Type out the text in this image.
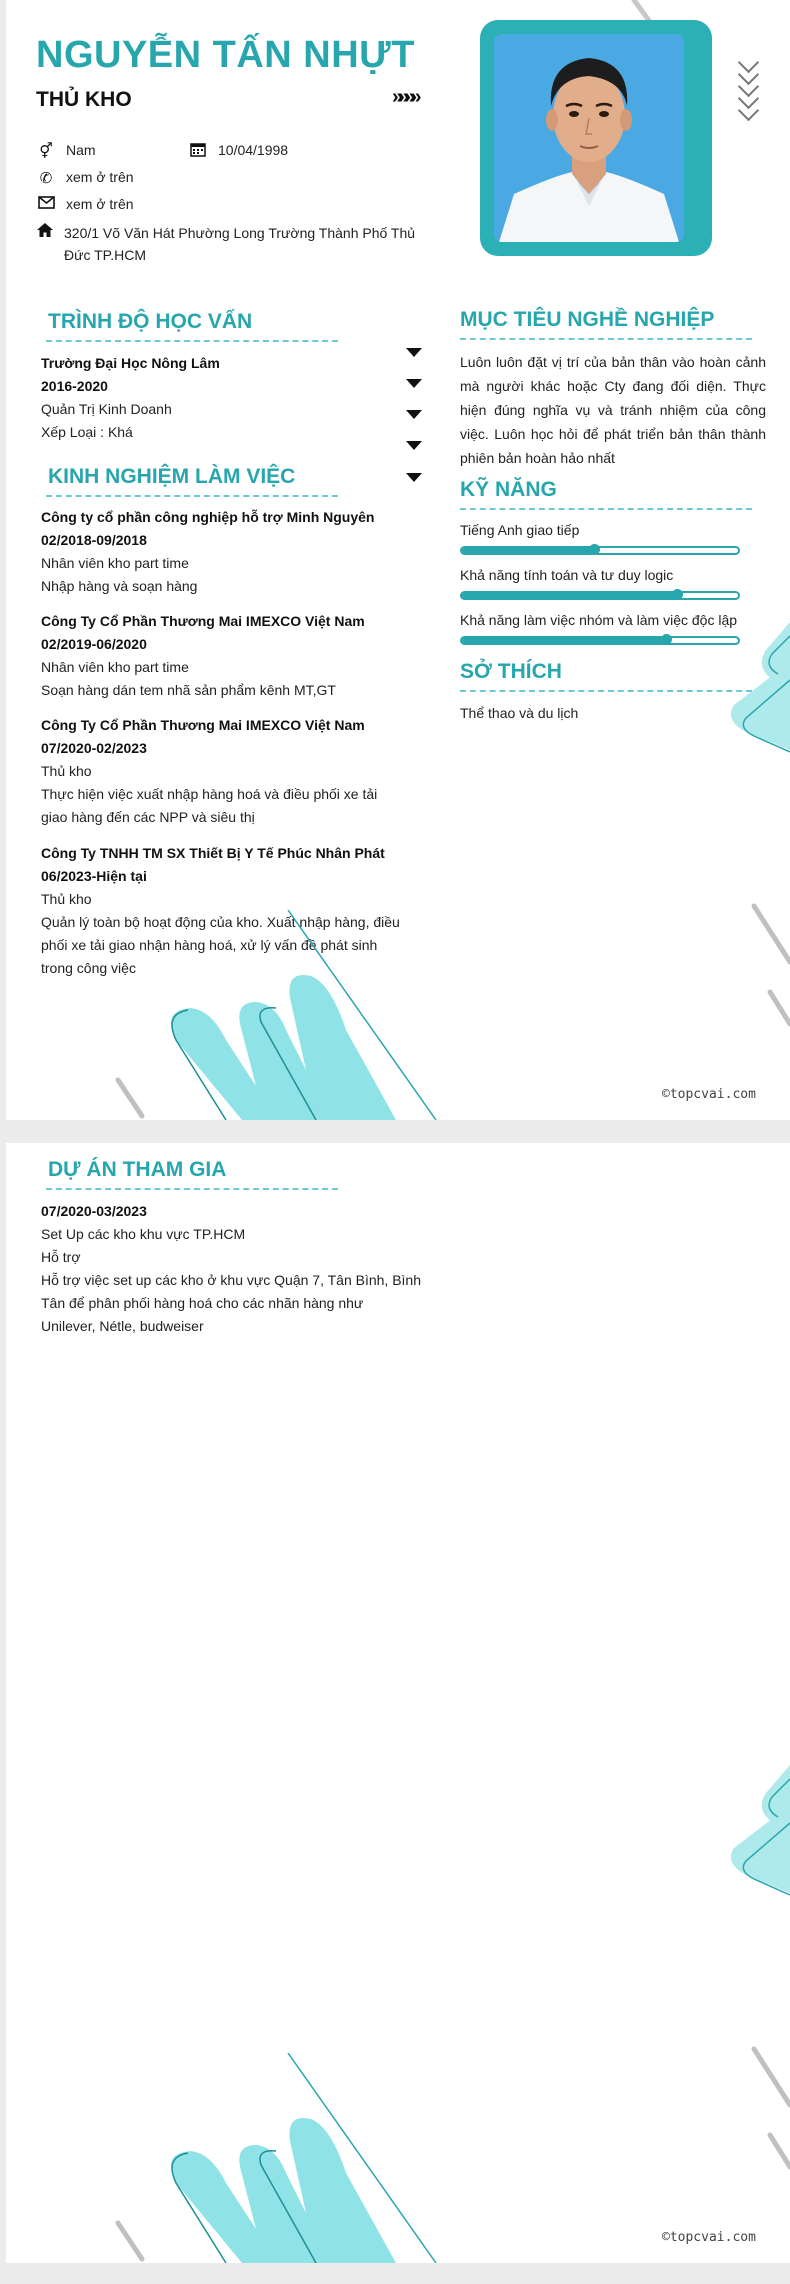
NGUYỄN TẤN NHỰT
THỦ KHO	»»»»
⚥ Nam	10/04/1998
✆ xem ở trên
xem ở trên
320/1 Võ Văn Hát Phường Long Trường Thành Phố Thủ Đức TP.HCM
TRÌNH ĐỘ HỌC VẤN
Trường Đại Học Nông Lâm
2016-2020
Quản Trị Kinh Doanh
Xếp Loại : Khá
KINH NGHIỆM LÀM VIỆC
Công ty cổ phần công nghiệp hỗ trợ Minh Nguyên
02/2018-09/2018
Nhân viên kho part time
Nhập hàng và soạn hàng
Công Ty Cổ Phần Thương Mai IMEXCO Việt Nam
02/2019-06/2020
Nhân viên kho part time
Soạn hàng dán tem nhã sản phẩm kênh MT,GT
Công Ty Cổ Phần Thương Mai IMEXCO Việt Nam
07/2020-02/2023
Thủ kho
Thực hiện việc xuất nhập hàng hoá và điều phối xe tải giao hàng đến các NPP và siêu thị
Công Ty TNHH TM SX Thiết Bị Y Tế Phúc Nhân Phát
06/2023-Hiện tại
Thủ kho
Quản lý toàn bộ hoạt động của kho. Xuất nhập hàng, điều phối xe tải giao nhận hàng hoá, xử lý vấn đề phát sinh trong công việc
MỤC TIÊU NGHỀ NGHIỆP
Luôn luôn đặt vị trí của bản thân vào hoàn cảnh mà người khác hoặc Cty đang đối diện. Thực hiện đúng nghĩa vụ và tránh nhiệm của công việc. Luôn học hỏi để phát triển bản thân thành phiên bản hoàn hảo nhất
KỸ NĂNG
Tiếng Anh giao tiếp
Khả năng tính toán và tư duy logic
Khả năng làm việc nhóm và làm việc độc lập
SỞ THÍCH
Thể thao và du lịch
©topcvai.com
DỰ ÁN THAM GIA
07/2020-03/2023
Set Up các kho khu vực TP.HCM
Hỗ trợ
Hỗ trợ việc set up các kho ở khu vực Quận 7, Tân Bình, Bình Tân để phân phối hàng hoá cho các nhãn hàng như Unilever, Nétle, budweiser
©topcvai.com
